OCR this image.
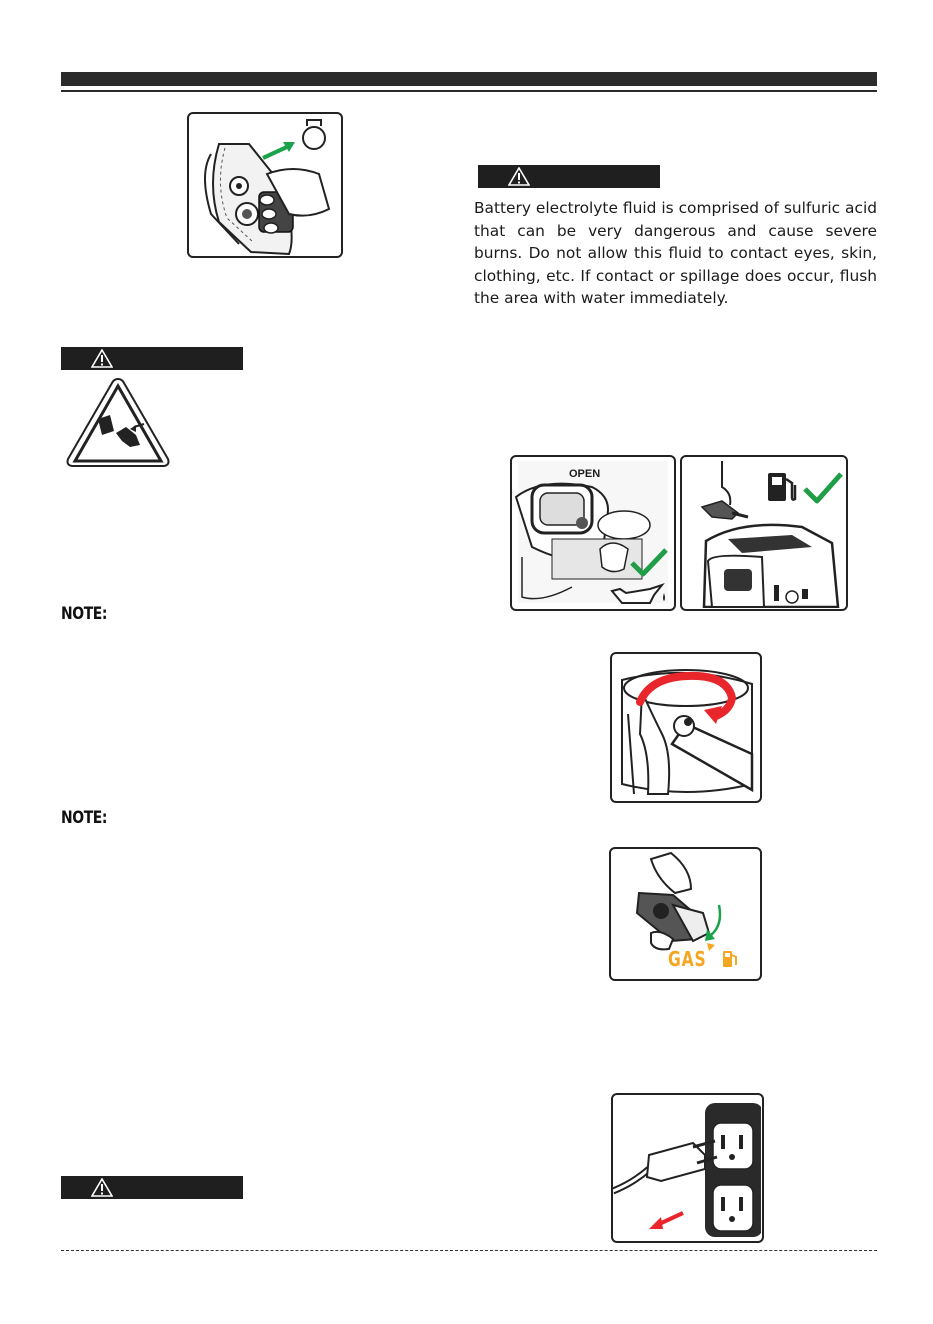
Battery electrolyte fluid is comprised of sulfuric acid that can be very dangerous and cause severe burns. Do not allow this fluid to contact eyes, skin, clothing, etc. If contact or spillage does occur, flush the area with water immediately.
NOTE:
NOTE:
OPEN
GAS
